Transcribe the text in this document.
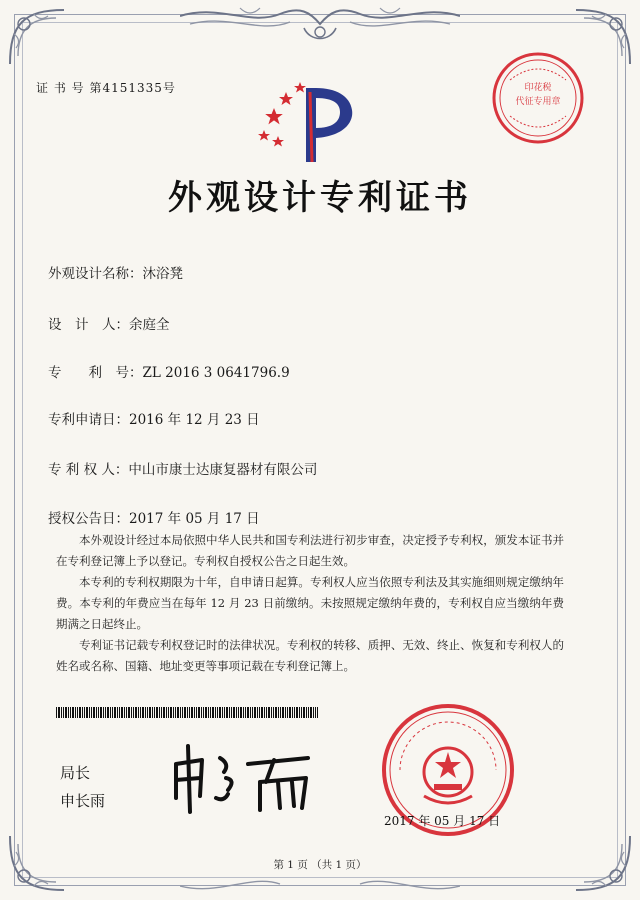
证 书 号 第4151335号
外观设计专利证书
外观设计名称：沐浴凳
设　计　人：余庭全
专　　利　号：ZL 2016 3 0641796.9
专利申请日：2016 年 12 月 23 日
专 利 权 人：中山市康士达康复器材有限公司
授权公告日：2017 年 05 月 17 日

本外观设计经过本局依照中华人民共和国专利法进行初步审查，决定授予专利权，颁发本证书并在专利登记簿上予以登记。专利权自授权公告之日起生效。

本专利的专利权期限为十年，自申请日起算。专利权人应当依照专利法及其实施细则规定缴纳年费。本专利的年费应当在每年 12 月 23 日前缴纳。未按照规定缴纳年费的，专利权自应当缴纳年费期满之日起终止。

专利证书记载专利权登记时的法律状况。专利权的转移、质押、无效、终止、恢复和专利权人的姓名或名称、国籍、地址变更等事项记载在专利登记簿上。

局长
申长雨
印花税
代征专用章
2017 年 05 月 17 日
第 1 页 （共 1 页）
